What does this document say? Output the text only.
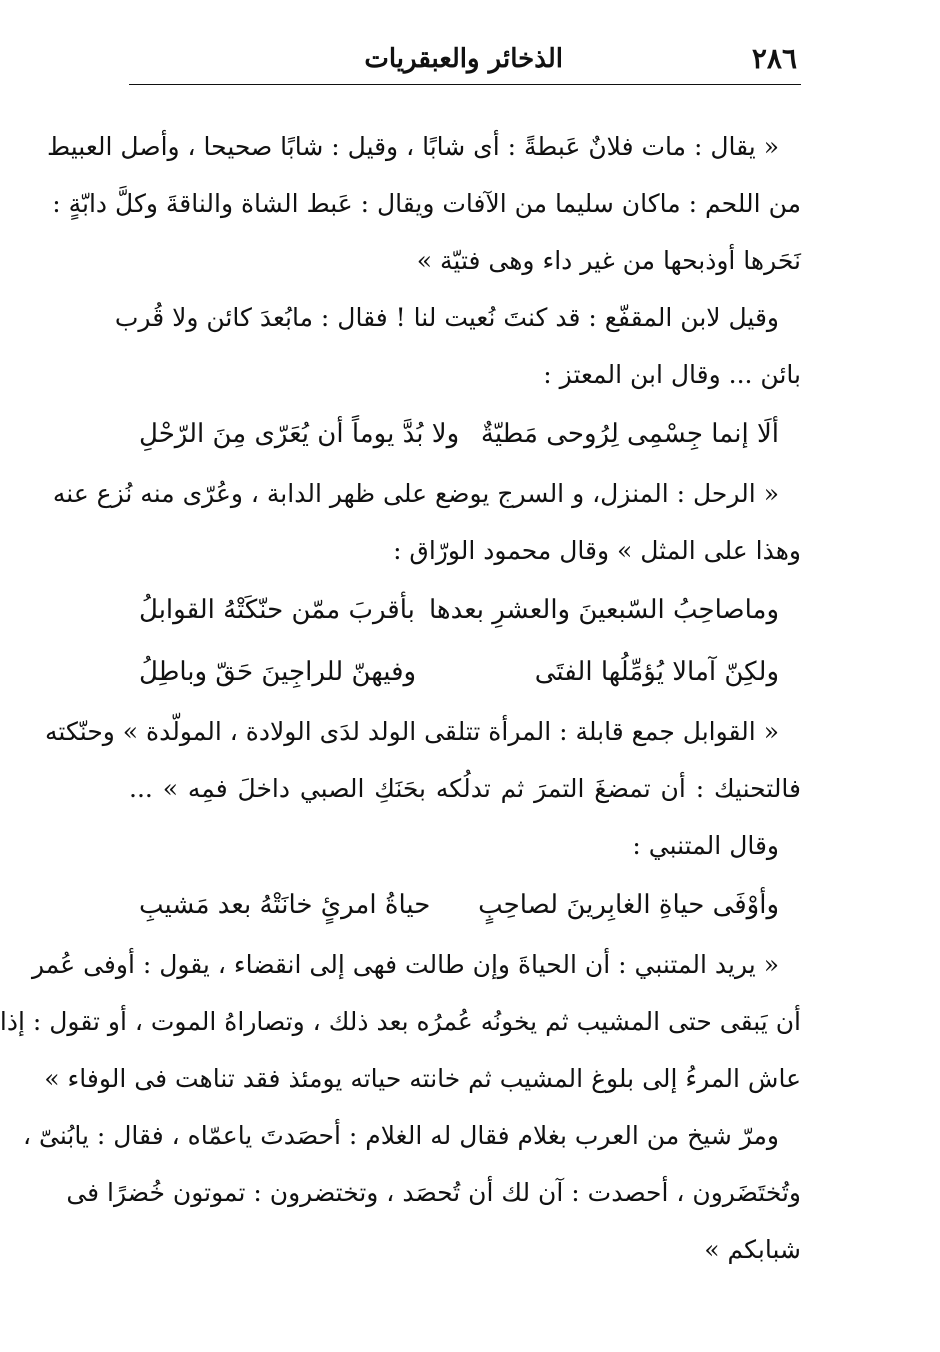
٢٨٦
الذخائر والعبقريات
« يقال : مات فلانٌ عَبطةً : أى شابًا ، وقيل : شابًا صحيحا ، وأصل العبيط
من اللحم : ماكان سليما من الآفات ويقال : عَبط الشاة والناقةَ وكلَّ دابّةٍ :
نَحَرها أوذبحها من غير داء وهى فتيّة »
وقيل لابن المقفّع : قد كنتَ نُعيت لنا ! فقال : مابُعدَ كائن ولا قُرب
بائن ... وقال ابن المعتز :
ألَا إنما جِسْمِى لِرُوحى مَطيّةٌ
ولا بُدَّ يوماً أن يُعَرّى مِنَ الرّحْلِ
« الرحل : المنزل، و السرج يوضع على ظهر الدابة ، وعُرّى منه نُزع عنه
وهذا على المثل » وقال محمود الورّاق :
وماصاحِبُ السّبعينَ والعشرِ بعدها
بأقربَ ممّن حنّكَتْهُ القوابلُ
ولكِنّ آمالا يُؤمِّلُها الفتَى
وفيهنّ للراجِينَ حَقّ وباطِلُ
« القوابل جمع قابلة : المرأة تتلقى الولد لدَى الولادة ، المولّدة » وحنّكته
فالتحنيك : أن تمضغَ التمرَ ثم تدلُكه بحَنَكِ الصبي داخلَ فمِه » ...
وقال المتنبي :
وأوْفَى حياةِ الغابِرينَ لصاحِبٍ
حياةُ امرئٍ خانَتْهُ بعد مَشيبِ
« يريد المتنبي : أن الحياةَ وإن طالت فهى إلى انقضاء ، يقول : أوفى عُمر
أن يَبقى حتى المشيب ثم يخونُه عُمرُه بعد ذلك ، وتصاراهُ الموت ، أو تقول : إذا
عاش المرءُ إلى بلوغ المشيب ثم خانته حياته يومئذ فقد تناهت فى الوفاء »
ومرّ شيخ من العرب بغلام فقال له الغلام : أحصَدتَ ياعمّاه ، فقال : يابُنىّ ،
وتُختَضَرون ، أحصدت : آن لك أن تُحصَد ، وتختضرون : تموتون خُضرًا فى
شبابكم »
